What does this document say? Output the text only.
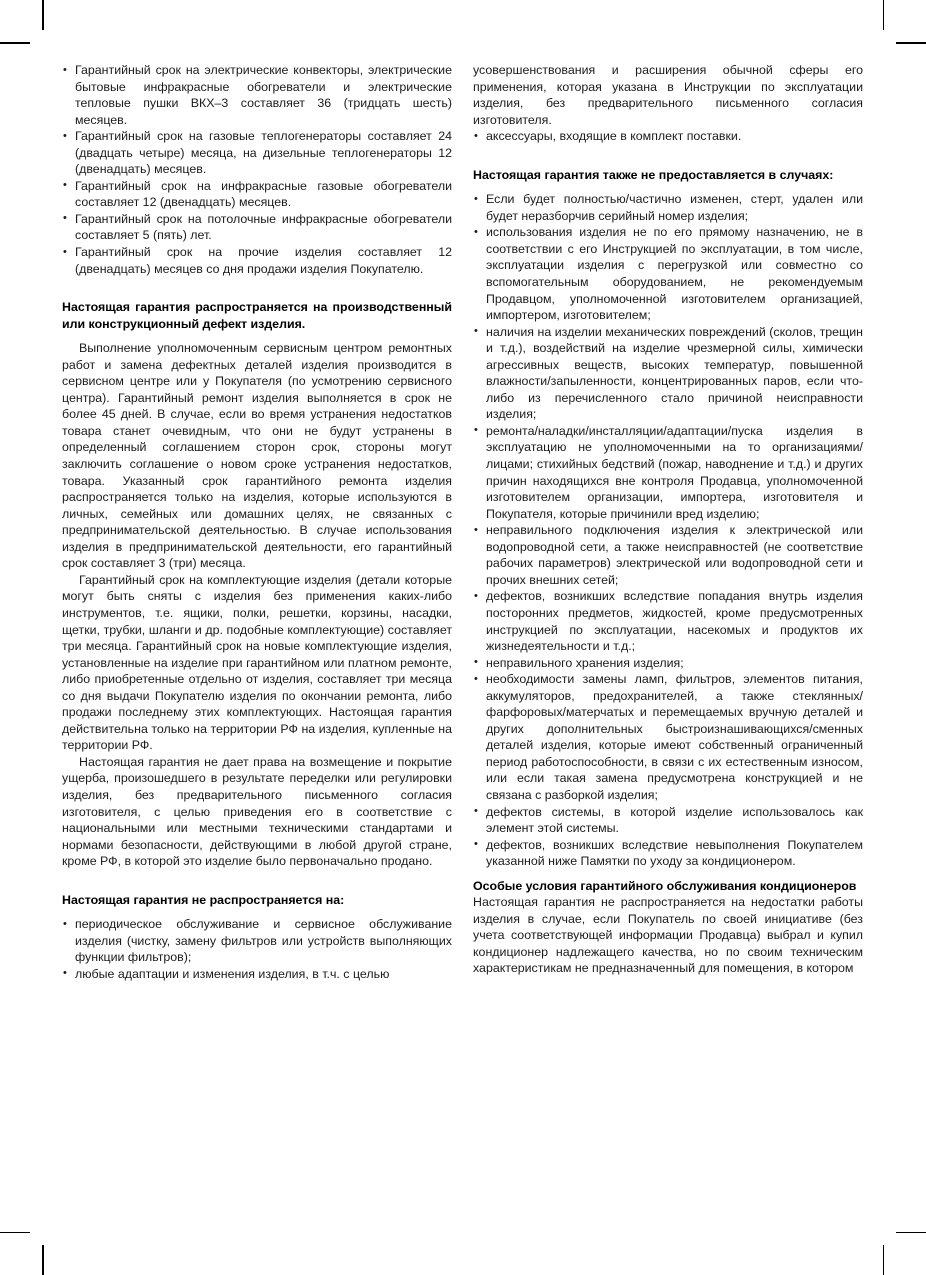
• Гарантийный срок на электрические конвекторы, электрические бытовые инфракрасные обогреватели и электрические тепловые пушки ВКХ–3 составляет 36 (тридцать шесть) месяцев.
• Гарантийный срок на газовые теплогенераторы составляет 24 (двадцать четыре) месяца, на дизельные теплогенераторы 12 (двенадцать) месяцев.
• Гарантийный срок на инфракрасные газовые обогреватели составляет 12 (двенадцать) месяцев.
• Гарантийный срок на потолочные инфракрасные обогреватели составляет 5 (пять) лет.
• Гарантийный срок на прочие изделия составляет 12 (двенадцать) месяцев со дня продажи изделия Покупателю.

Настоящая гарантия распространяется на производственный или конструкционный дефект изделия.

Выполнение уполномоченным сервисным центром ремонтных работ и замена дефектных деталей изделия производится в сервисном центре или у Покупателя (по усмотрению сервисного центра). Гарантийный ремонт изделия выполняется в срок не более 45 дней. В случае, если во время устранения недостатков товара станет очевидным, что они не будут устранены в определенный соглашением сторон срок, стороны могут заключить соглашение о новом сроке устранения недостатков, товара. Указанный срок гарантийного ремонта изделия распространяется только на изделия, которые используются в личных, семейных или домашних целях, не связанных с предпринимательской деятельностью. В случае использования изделия в предпринимательской деятельности, его гарантийный срок составляет 3 (три) месяца.

Гарантийный срок на комплектующие изделия (детали которые могут быть сняты с изделия без применения каких-либо инструментов, т.е. ящики, полки, решетки, корзины, насадки, щетки, трубки, шланги и др. подобные комплектующие) составляет три месяца. Гарантийный срок на новые комплектующие изделия, установленные на изделие при гарантийном или платном ремонте, либо приобретенные отдельно от изделия, составляет три месяца со дня выдачи Покупателю изделия по окончании ремонта, либо продажи последнему этих комплектующих. Настоящая гарантия действительна только на территории РФ на изделия, купленные на территории РФ.

Настоящая гарантия не дает права на возмещение и покрытие ущерба, произошедшего в результате переделки или регулировки изделия, без предварительного письменного согласия изготовителя, с целью приведения его в соответствие с национальными или местными техническими стандартами и нормами безопасности, действующими в любой другой стране, кроме РФ, в которой это изделие было первоначально продано.

Настоящая гарантия не распространяется на:

• периодическое обслуживание и сервисное обслуживание изделия (чистку, замену фильтров или устройств выполняющих функции фильтров);
• любые адаптации и изменения изделия, в т.ч. с целью

усовершенствования и расширения обычной сферы его применения, которая указана в Инструкции по эксплуатации изделия, без предварительного письменного согласия изготовителя.

• аксессуары, входящие в комплект поставки.

Настоящая гарантия также не предоставляется в случаях:

• Если будет полностью/частично изменен, стерт, удален или будет неразборчив серийный номер изделия;
• использования изделия не по его прямому назначению, не в соответствии с его Инструкцией по эксплуатации, в том числе, эксплуатации изделия с перегрузкой или совместно со вспомогательным оборудованием, не рекомендуемым Продавцом, уполномоченной изготовителем организацией, импортером, изготовителем;
• наличия на изделии механических повреждений (сколов, трещин и т.д.), воздействий на изделие чрезмерной силы, химически агрессивных веществ, высоких температур, повышенной влажности/запыленности, концентрированных паров, если что-либо из перечисленного стало причиной неисправности изделия;
• ремонта/наладки/инсталляции/адаптации/пуска изделия в эксплуатацию не уполномоченными на то организациями/лицами; стихийных бедствий (пожар, наводнение и т.д.) и других причин находящихся вне контроля Продавца, уполномоченной изготовителем организации, импортера, изготовителя и Покупателя, которые причинили вред изделию;
• неправильного подключения изделия к электрической или водопроводной сети, а также неисправностей (не соответствие рабочих параметров) электрической или водопроводной сети и прочих внешних сетей;
• дефектов, возникших вследствие попадания внутрь изделия посторонних предметов, жидкостей, кроме предусмотренных инструкцией по эксплуатации, насекомых и продуктов их жизнедеятельности и т.д.;
• неправильного хранения изделия;
• необходимости замены ламп, фильтров, элементов питания, аккумуляторов, предохранителей, а также стеклянных/фарфоровых/матерчатых и перемещаемых вручную деталей и других дополнительных быстроизнашивающихся/сменных деталей изделия, которые имеют собственный ограниченный период работоспособности, в связи с их естественным износом, или если такая замена предусмотрена конструкцией и не связана с разборкой изделия;
• дефектов системы, в которой изделие использовалось как элемент этой системы.
• дефектов, возникших вследствие невыполнения Покупателем указанной ниже Памятки по уходу за кондиционером.

Особые условия гарантийного обслуживания кондиционеров

Настоящая гарантия не распространяется на недостатки работы изделия в случае, если Покупатель по своей инициативе (без учета соответствующей информации Продавца) выбрал и купил кондиционер надлежащего качества, но по своим техническим характеристикам не предназначенный для помещения, в котором
